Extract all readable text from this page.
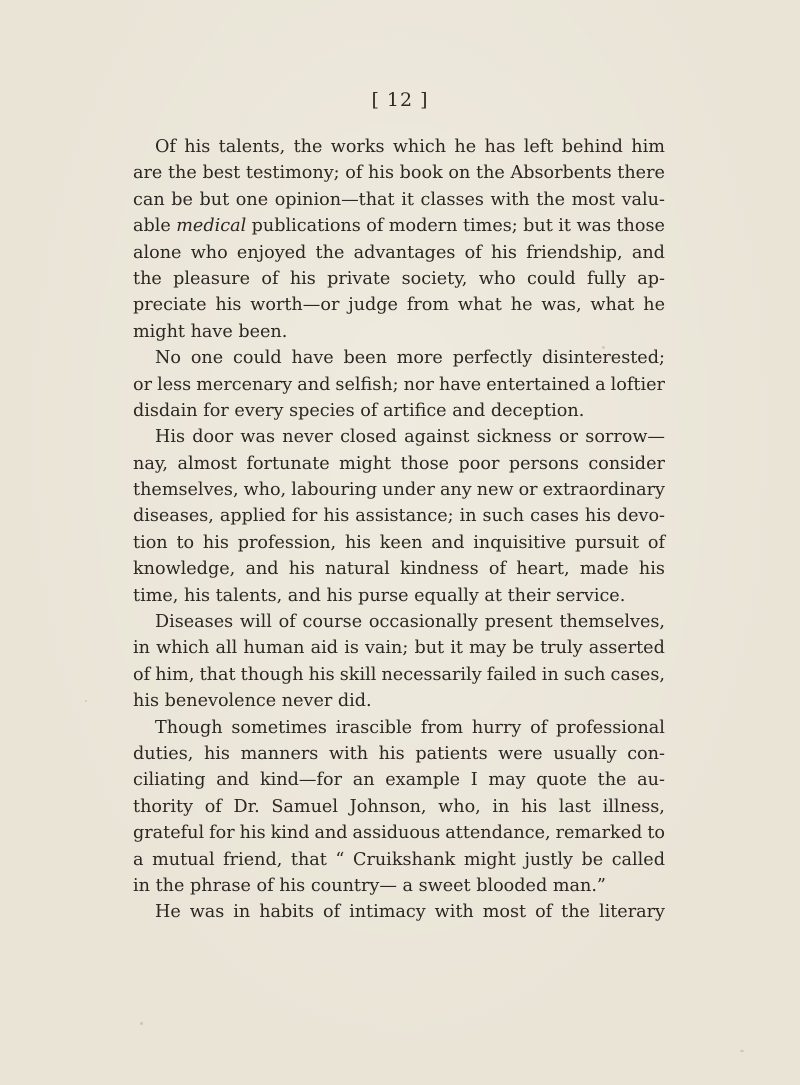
[ 12 ]
Of his talents, the works which he has left behind him
are the best testimony; of his book on the Absorbents there
can be but one opinion—that it classes with the most valu-
able medical publications of modern times; but it was those
alone who enjoyed the advantages of his friendship, and
the pleasure of his private society, who could fully ap-
preciate his worth—or judge from what he was, what he
might
have
been.
No one could have been more perfectly disinterested;
or less mercenary and selfish; nor have entertained a loftier
disdain
for
every
species
of
artifice
and
deception.
His door was never closed against sickness or sorrow—
nay, almost fortunate might those poor persons consider
themselves, who, labouring under any new or extraordinary
diseases, applied for his assistance; in such cases his devo-
tion to his profession, his keen and inquisitive pursuit of
knowledge, and his natural kindness of heart, made his
time,
his
talents,
and
his
purse
equally
at
their
service.
Diseases will of course occasionally present themselves,
in which all human aid is vain; but it may be truly asserted
of him, that though his skill necessarily failed in such cases,
his
benevolence
never
did.
Though sometimes irascible from hurry of professional
duties, his manners with his patients were usually con-
ciliating and kind—for an example I may quote the au-
thority of Dr. Samuel Johnson, who, in his last illness,
grateful for his kind and assiduous attendance, remarked to
a mutual friend, that “ Cruikshank might justly be called
in
the
phrase
of
his
country—
a
sweet
blooded
man.”
He was in habits of intimacy with most of the literary
